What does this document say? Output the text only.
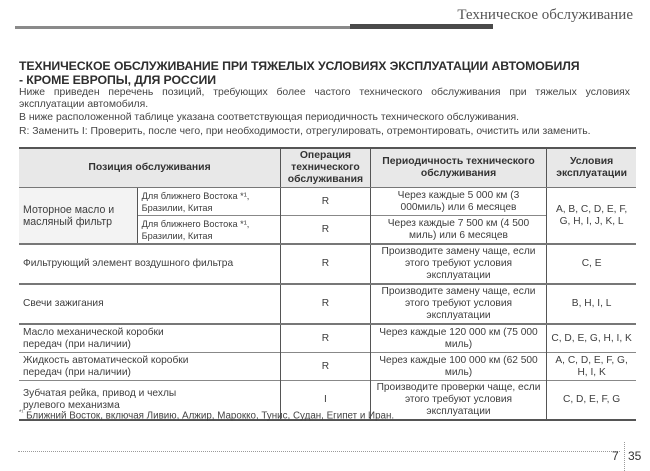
Техническое обслуживание
ТЕХНИЧЕСКОЕ ОБСЛУЖИВАНИЕ ПРИ ТЯЖЕЛЫХ УСЛОВИЯХ ЭКСПЛУАТАЦИИ АВТОМОБИЛЯ
- КРОМЕ ЕВРОПЫ, ДЛЯ РОССИИ

Ниже приведен перечень позиций, требующих более частого технического обслуживания при тяжелых условиях эксплуатации автомобиля.

В ниже расположенной таблице указана соответствующая периодичность технического обслуживания.

R: Заменить I: Проверить, после чего, при необходимости, отрегулировать, отремонтировать, очистить или заменить.
Позиция обслуживания		Операция технического обслуживания	Периодичность технического обслуживания	Условия эксплуатации
Моторное масло и масляный фильтр	Для ближнего Востока *¹, Бразилии, Китая	R	Через каждые 5 000 км (3 000миль) или 6 месяцев	A, B, C, D, E, F, G, H, I, J, K, L
	Для ближнего Востока *¹, Бразилии, Китая	R	Через каждые 7 500 км (4 500 миль) или 6 месяцев	
Фильтрующий элемент воздушного фильтра		R	Производите замену чаще, если этого требуют условия эксплуатации	C, E
Свечи зажигания		R	Производите замену чаще, если этого требуют условия эксплуатации	B, H, I, L
Масло механической коробки передач (при наличии)		R	Через каждые 120 000 км (75 000 миль)	C, D, E, G, H, I, K
Жидкость автоматической коробки передач (при наличии)		R	Через каждые 100 000 км (62 500 миль)	A, C, D, E, F, G, H, I, K
Зубчатая рейка, привод и чехлы рулевого механизма		I	Производите проверки чаще, если этого требуют условия эксплуатации	C, D, E, F, G
$^{*^1}$ Ближний Восток, включая Ливию, Алжир, Марокко, Тунис, Судан, Египет и Иран.
7 35
